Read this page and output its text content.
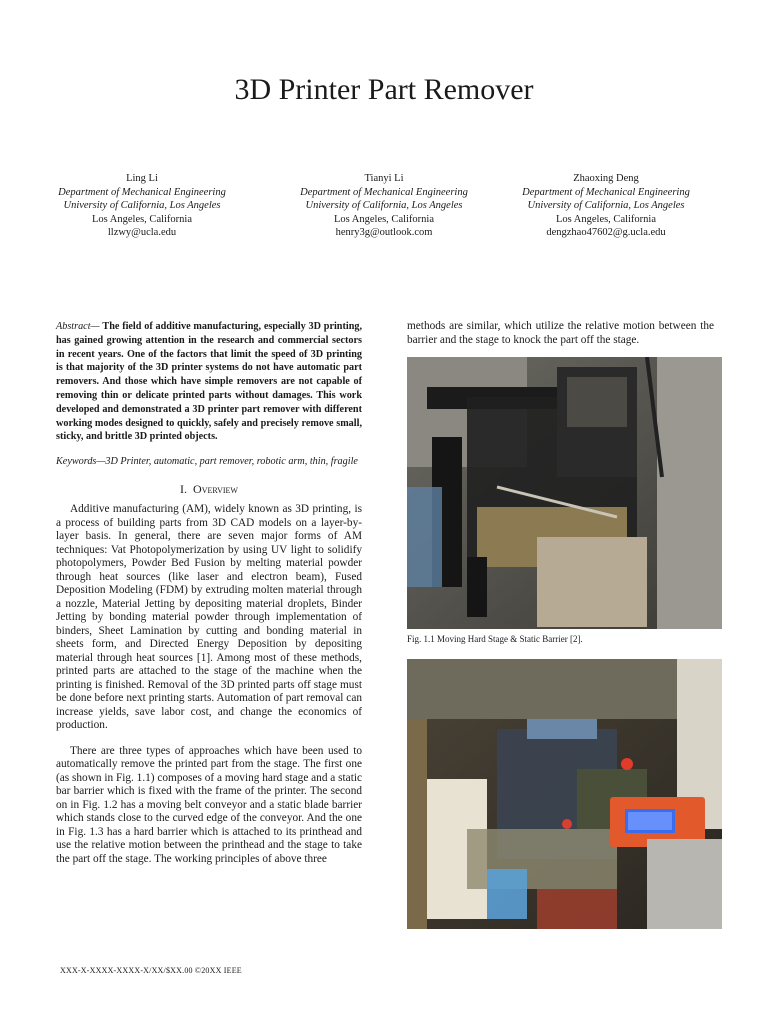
3D Printer Part Remover
Ling Li
Department of Mechanical Engineering
University of California, Los Angeles
Los Angeles, California
llzwy@ucla.edu
Tianyi Li
Department of Mechanical Engineering
University of California, Los Angeles
Los Angeles, California
henry3g@outlook.com
Zhaoxing Deng
Department of Mechanical Engineering
University of California, Los Angeles
Los Angeles, California
dengzhao47602@g.ucla.edu

Abstract— The field of additive manufacturing, especially 3D printing, has gained growing attention in the research and commercial sectors in recent years. One of the factors that limit the speed of 3D printing is that majority of the 3D printer systems do not have automatic part removers. And those which have simple removers are not capable of removing thin or delicate printed parts without damages. This work developed and demonstrated a 3D printer part remover with different working modes designed to quickly, safely and precisely remove small, sticky, and brittle 3D printed objects.

Keywords—3D Printer, automatic, part remover, robotic arm, thin, fragile

I. Overview

Additive manufacturing (AM), widely known as 3D printing, is a process of building parts from 3D CAD models on a layer-by-layer basis. In general, there are seven major forms of AM techniques: Vat Photopolymerization by using UV light to solidify photopolymers, Powder Bed Fusion by melting material powder through heat sources (like laser and electron beam), Fused Deposition Modeling (FDM) by extruding molten material through a nozzle, Material Jetting by depositing material droplets, Binder Jetting by bonding material powder through implementation of binders, Sheet Lamination by cutting and bonding material in sheets form, and Directed Energy Deposition by depositing material through heat sources [1]. Among most of these methods, printed parts are attached to the stage of the machine when the printing is finished. Removal of the 3D printed parts off stage must be done before next printing starts. Automation of part removal can increase yields, save labor cost, and change the economics of production.

There are three types of approaches which have been used to automatically remove the printed part from the stage. The first one (as shown in Fig. 1.1) composes of a moving hard stage and a static bar barrier which is fixed with the frame of the printer. The second on in Fig. 1.2 has a moving belt conveyor and a static blade barrier which stands close to the curved edge of the conveyor. And the one in Fig. 1.3 has a hard barrier which is attached to its printhead and use the relative motion between the printhead and the stage to take the part off the stage. The working principles of above three

methods are similar, which utilize the relative motion between the barrier and the stage to knock the part off the stage.

Fig. 1.1 Moving Hard Stage & Static Barrier [2].
XXX-X-XXXX-XXXX-X/XX/$XX.00 ©20XX IEEE
